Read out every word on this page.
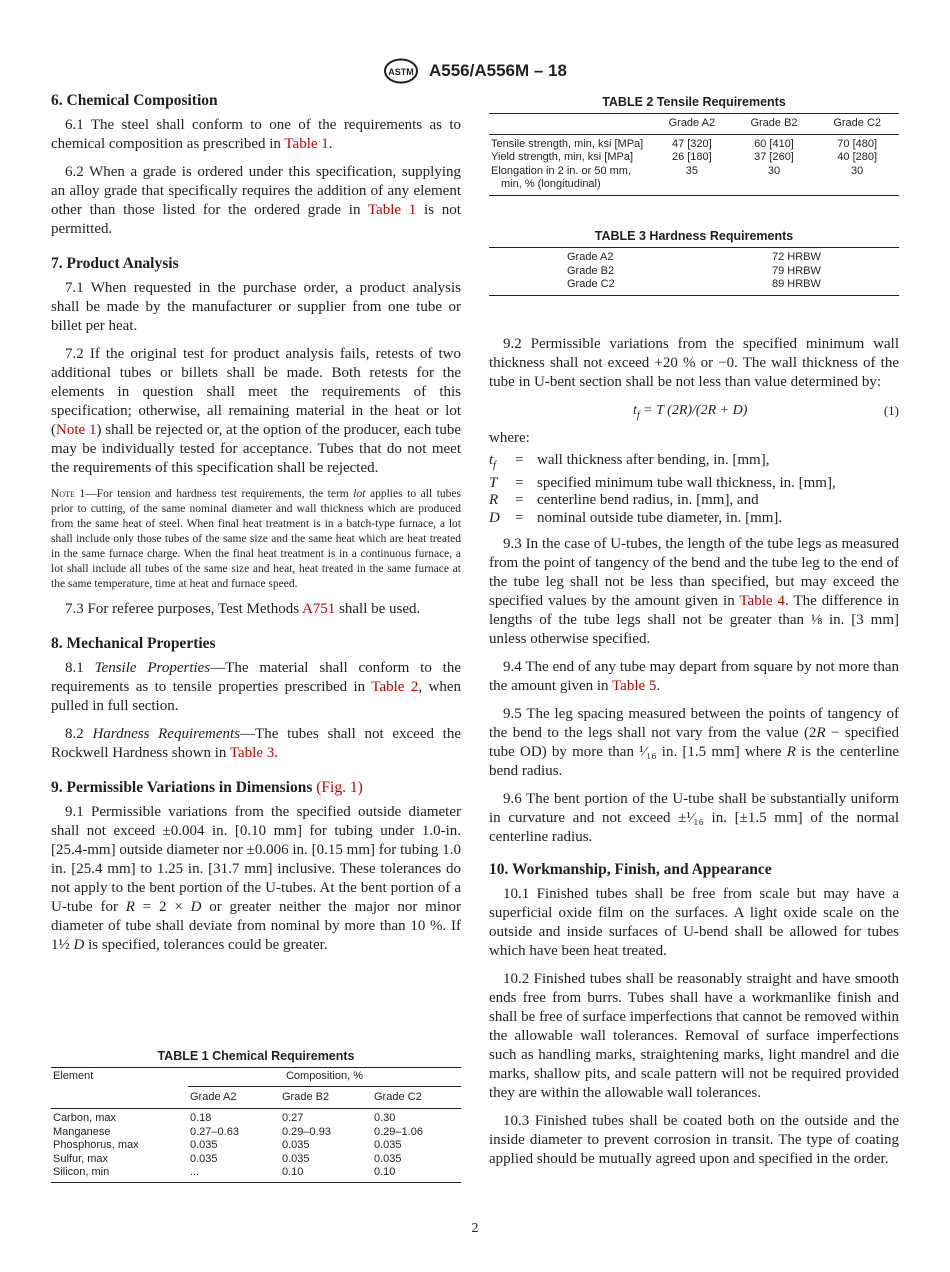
ASTM A556/A556M – 18
6. Chemical Composition

6.1 The steel shall conform to one of the requirements as to chemical composition as prescribed in Table 1.

6.2 When a grade is ordered under this specification, supplying an alloy grade that specifically requires the addition of any element other than those listed for the ordered grade in Table 1 is not permitted.

7. Product Analysis

7.1 When requested in the purchase order, a product analysis shall be made by the manufacturer or supplier from one tube or billet per heat.

7.2 If the original test for product analysis fails, retests of two additional tubes or billets shall be made. Both retests for the elements in question shall meet the requirements of this specification; otherwise, all remaining material in the heat or lot (Note 1) shall be rejected or, at the option of the producer, each tube may be individually tested for acceptance. Tubes that do not meet the requirements of this specification shall be rejected.

Note 1—For tension and hardness test requirements, the term lot applies to all tubes prior to cutting, of the same nominal diameter and wall thickness which are produced from the same heat of steel. When final heat treatment is in a batch-type furnace, a lot shall include only those tubes of the same size and the same heat which are heat treated in the same furnace charge. When the final heat treatment is in a continuous furnace, a lot shall include all tubes of the same size and heat, heat treated in the same furnace at the same temperature, time at heat and furnace speed.

7.3 For referee purposes, Test Methods A751 shall be used.

8. Mechanical Properties

8.1 Tensile Properties—The material shall conform to the requirements as to tensile properties prescribed in Table 2, when pulled in full section.

8.2 Hardness Requirements—The tubes shall not exceed the Rockwell Hardness shown in Table 3.

9. Permissible Variations in Dimensions (Fig. 1)

9.1 Permissible variations from the specified outside diameter shall not exceed ±0.004 in. [0.10 mm] for tubing under 1.0-in. [25.4-mm] outside diameter nor ±0.006 in. [0.15 mm] for tubing 1.0 in. [25.4 mm] to 1.25 in. [31.7 mm] inclusive. These tolerances do not apply to the bent portion of the U-tubes. At the bent portion of a U-tube for R = 2 × D or greater neither the major nor minor diameter of tube shall deviate from nominal by more than 10 %. If 1½ D is specified, tolerances could be greater.

TABLE 1 Chemical Requirements
Element	Composition, %		
	Grade A2	Grade B2	Grade C2
Carbon, max	0.18	0.27	0.30
Manganese	0.27–0.63	0.29–0.93	0.29–1.06
Phosphorus, max	0.035	0.035	0.035
Sulfur, max	0.035	0.035	0.035
Silicon, min	...	0.10	0.10
TABLE 2 Tensile Requirements
	Grade A2	Grade B2	Grade C2
Tensile strength, min, ksi [MPa]	47 [320]	60 [410]	70 [480]
Yield strength, min, ksi [MPa]	26 [180]	37 [260]	40 [280]
Elongation in 2 in. or 50 mm,
min, % (longitudinal)	35	30	30
TABLE 3 Hardness Requirements
Grade A2	72 HRBW
Grade B2	79 HRBW
Grade C2	89 HRBW

9.2 Permissible variations from the specified minimum wall thickness shall not exceed +20 % or −0. The wall thickness of the tube in U-bent section shall be not less than value determined by:

$t_f = T$ (2R)/(2R + D)	(1)

where:

$t_f$	=	wall thickness after bending, in. [mm],
T	=	specified minimum tube wall thickness, in. [mm],
R	=	centerline bend radius, in. [mm], and
D	=	nominal outside tube diameter, in. [mm].

9.3 In the case of U-tubes, the length of the tube legs as measured from the point of tangency of the bend and the tube leg to the end of the tube leg shall not be less than specified, but may exceed the specified values by the amount given in Table 4. The difference in lengths of the tube legs shall not be greater than ⅛ in. [3 mm] unless otherwise specified.

9.4 The end of any tube may depart from square by not more than the amount given in Table 5.

9.5 The leg spacing measured between the points of tangency of the bend to the legs shall not vary from the value (2R − specified tube OD) by more than ¹⁄₁₆ in. [1.5 mm] where R is the centerline bend radius.

9.6 The bent portion of the U-tube shall be substantially uniform in curvature and not exceed ±¹⁄₁₆ in. [±1.5 mm] of the normal centerline radius.

10. Workmanship, Finish, and Appearance

10.1 Finished tubes shall be free from scale but may have a superficial oxide film on the surfaces. A light oxide scale on the outside and inside surfaces of U-bend shall be allowed for tubes which have been heat treated.

10.2 Finished tubes shall be reasonably straight and have smooth ends free from burrs. Tubes shall have a workmanlike finish and shall be free of surface imperfections that cannot be removed within the allowable wall tolerances. Removal of surface imperfections such as handling marks, straightening marks, light mandrel and die marks, shallow pits, and scale pattern will not be required provided they are within the allowable wall tolerances.

10.3 Finished tubes shall be coated both on the outside and the inside diameter to prevent corrosion in transit. The type of coating applied should be mutually agreed upon and specified in the order.

2
